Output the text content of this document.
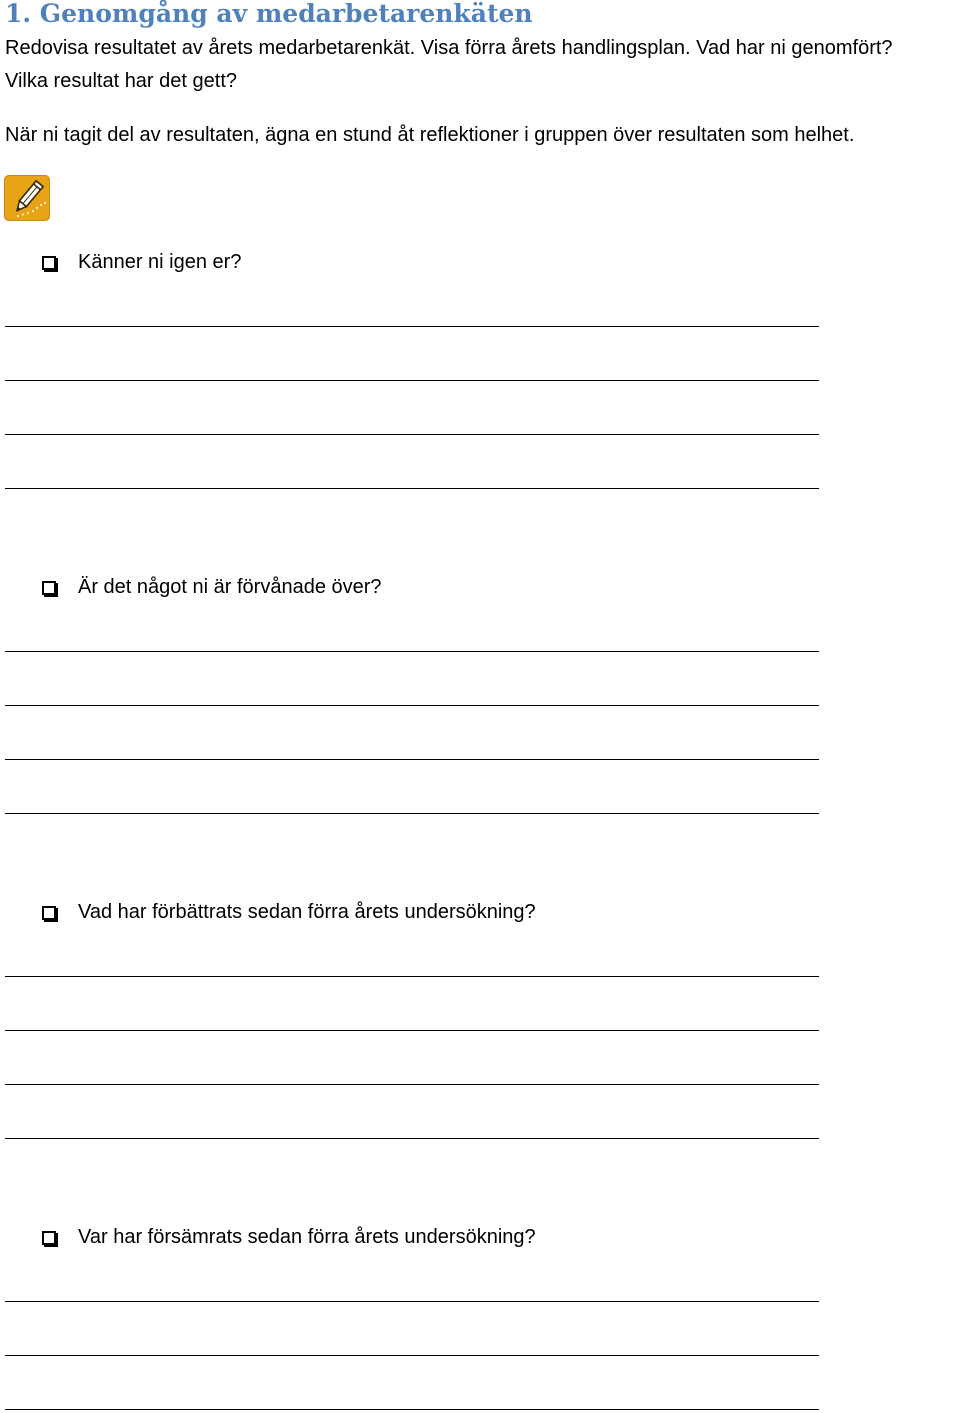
1. Genomgång av medarbetarenkäten

Redovisa resultatet av årets medarbetarenkät. Visa förra årets handlingsplan. Vad har ni genomfört?
Vilka resultat har det gett?

När ni tagit del av resultaten, ägna en stund åt reflektioner i gruppen över resultaten som helhet.

Känner ni igen er?
Är det något ni är förvånade över?
Vad har förbättrats sedan förra årets undersökning?
Var har försämrats sedan förra årets undersökning?
